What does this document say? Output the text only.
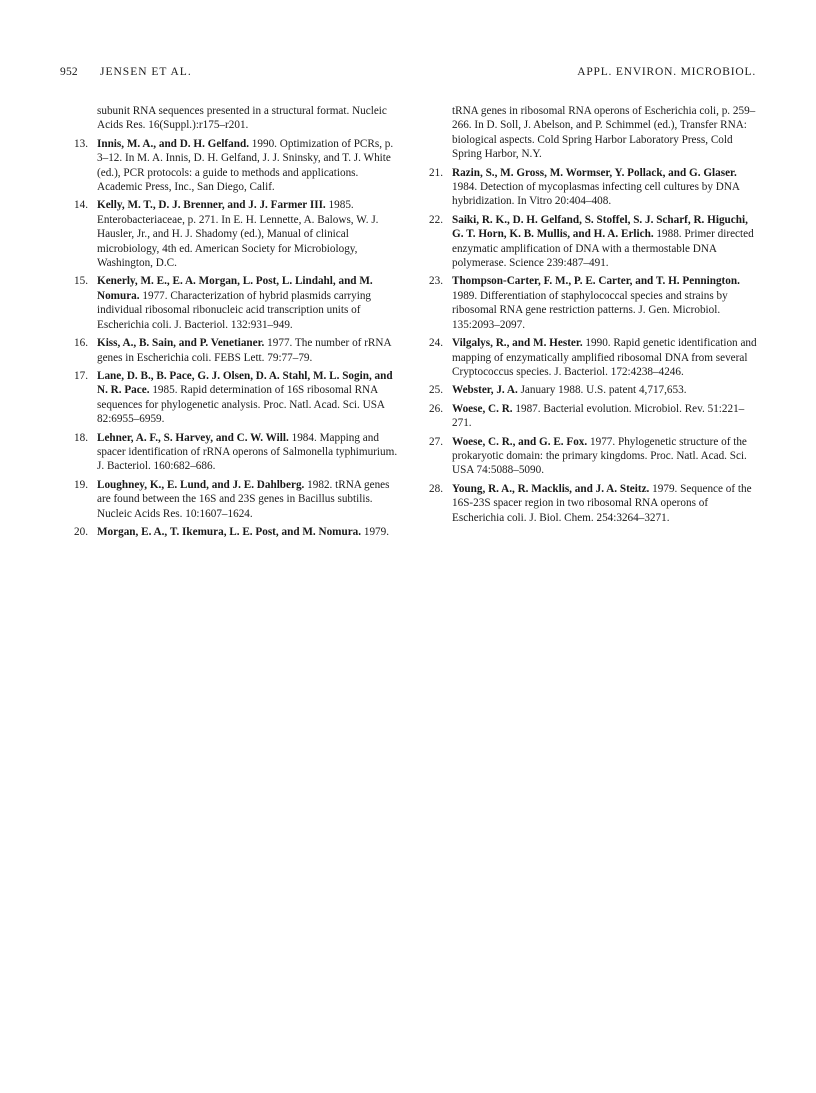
952 JENSEN ET AL.	APPL. ENVIRON. MICROBIOL.
subunit RNA sequences presented in a structural format. Nucleic Acids Res. 16(Suppl.):r175–r201.
13. Innis, M. A., and D. H. Gelfand. 1990. Optimization of PCRs, p. 3–12. In M. A. Innis, D. H. Gelfand, J. J. Sninsky, and T. J. White (ed.), PCR protocols: a guide to methods and applications. Academic Press, Inc., San Diego, Calif.
14. Kelly, M. T., D. J. Brenner, and J. J. Farmer III. 1985. Enterobacteriaceae, p. 271. In E. H. Lennette, A. Balows, W. J. Hausler, Jr., and H. J. Shadomy (ed.), Manual of clinical microbiology, 4th ed. American Society for Microbiology, Washington, D.C.
15. Kenerly, M. E., E. A. Morgan, L. Post, L. Lindahl, and M. Nomura. 1977. Characterization of hybrid plasmids carrying individual ribosomal ribonucleic acid transcription units of Escherichia coli. J. Bacteriol. 132:931–949.
16. Kiss, A., B. Sain, and P. Venetianer. 1977. The number of rRNA genes in Escherichia coli. FEBS Lett. 79:77–79.
17. Lane, D. B., B. Pace, G. J. Olsen, D. A. Stahl, M. L. Sogin, and N. R. Pace. 1985. Rapid determination of 16S ribosomal RNA sequences for phylogenetic analysis. Proc. Natl. Acad. Sci. USA 82:6955–6959.
18. Lehner, A. F., S. Harvey, and C. W. Will. 1984. Mapping and spacer identification of rRNA operons of Salmonella typhimurium. J. Bacteriol. 160:682–686.
19. Loughney, K., E. Lund, and J. E. Dahlberg. 1982. tRNA genes are found between the 16S and 23S genes in Bacillus subtilis. Nucleic Acids Res. 10:1607–1624.
20. Morgan, E. A., T. Ikemura, L. E. Post, and M. Nomura. 1979.
tRNA genes in ribosomal RNA operons of Escherichia coli, p. 259–266. In D. Soll, J. Abelson, and P. Schimmel (ed.), Transfer RNA: biological aspects. Cold Spring Harbor Laboratory Press, Cold Spring Harbor, N.Y.
21. Razin, S., M. Gross, M. Wormser, Y. Pollack, and G. Glaser. 1984. Detection of mycoplasmas infecting cell cultures by DNA hybridization. In Vitro 20:404–408.
22. Saiki, R. K., D. H. Gelfand, S. Stoffel, S. J. Scharf, R. Higuchi, G. T. Horn, K. B. Mullis, and H. A. Erlich. 1988. Primer directed enzymatic amplification of DNA with a thermostable DNA polymerase. Science 239:487–491.
23. Thompson-Carter, F. M., P. E. Carter, and T. H. Pennington. 1989. Differentiation of staphylococcal species and strains by ribosomal RNA gene restriction patterns. J. Gen. Microbiol. 135:2093–2097.
24. Vilgalys, R., and M. Hester. 1990. Rapid genetic identification and mapping of enzymatically amplified ribosomal DNA from several Cryptococcus species. J. Bacteriol. 172:4238–4246.
25. Webster, J. A. January 1988. U.S. patent 4,717,653.
26. Woese, C. R. 1987. Bacterial evolution. Microbiol. Rev. 51:221–271.
27. Woese, C. R., and G. E. Fox. 1977. Phylogenetic structure of the prokaryotic domain: the primary kingdoms. Proc. Natl. Acad. Sci. USA 74:5088–5090.
28. Young, R. A., R. Macklis, and J. A. Steitz. 1979. Sequence of the 16S-23S spacer region in two ribosomal RNA operons of Escherichia coli. J. Biol. Chem. 254:3264–3271.
